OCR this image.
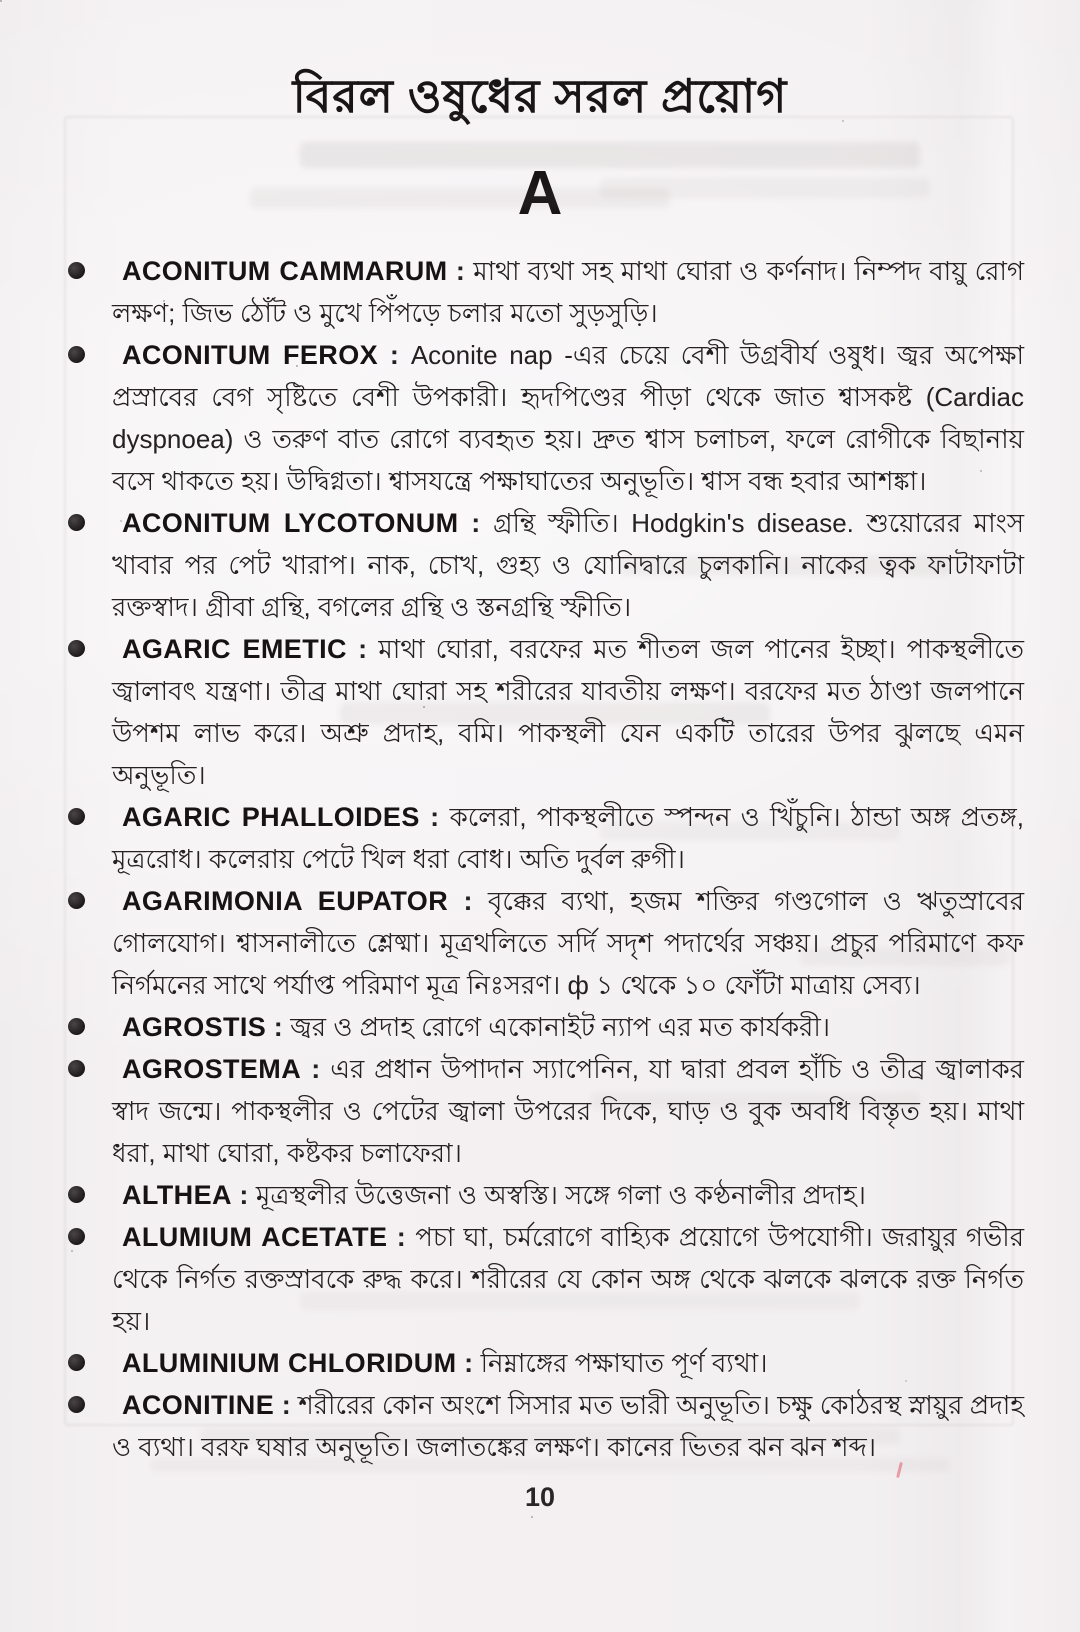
বিরল ওষুধের সরল প্রয়োগ
A
ACONITUM CAMMARUM : মাথা ব্যথা সহ মাথা ঘোরা ও কর্ণনাদ। নিম্পদ বায়ু রোগ লক্ষণ; জিভ ঠোঁট ও মুখে পিঁপড়ে চলার মতো সুড়সুড়ি।
ACONITUM FEROX : Aconite nap -এর চেয়ে বেশী উগ্রবীর্য ওষুধ। জ্বর অপেক্ষা প্রস্রাবের বেগ সৃষ্টিতে বেশী উপকারী। হৃদপিণ্ডের পীড়া থেকে জাত শ্বাসকষ্ট (Cardiac dyspnoea) ও তরুণ বাত রোগে ব্যবহৃত হয়। দ্রুত শ্বাস চলাচল, ফলে রোগীকে বিছানায় বসে থাকতে হয়। উদ্বিগ্নতা। শ্বাসযন্ত্রে পক্ষাঘাতের অনুভূতি। শ্বাস বন্ধ হবার আশঙ্কা।
ACONITUM LYCOTONUM : গ্রন্থি স্ফীতি। Hodgkin's disease. শুয়োরের মাংস খাবার পর পেট খারাপ। নাক, চোখ, গুহ্য ও যোনিদ্বারে চুলকানি। নাকের ত্বক ফাটাফাটা রক্তস্বাদ। গ্রীবা গ্রন্থি, বগলের গ্রন্থি ও স্তনগ্রন্থি স্ফীতি।
AGARIC EMETIC : মাথা ঘোরা, বরফের মত শীতল জল পানের ইচ্ছা। পাকস্থলীতে জ্বালাবৎ যন্ত্রণা। তীব্র মাথা ঘোরা সহ শরীরের যাবতীয় লক্ষণ। বরফের মত ঠাণ্ডা জলপানে উপশম লাভ করে। অশ্রু প্রদাহ, বমি। পাকস্থলী যেন একটি তারের উপর ঝুলছে এমন অনুভূতি।
AGARIC PHALLOIDES : কলেরা, পাকস্থলীতে স্পন্দন ও খিঁচুনি। ঠান্ডা অঙ্গ প্রতঙ্গ, মূত্ররোধ। কলেরায় পেটে খিল ধরা বোধ। অতি দুর্বল রুগী।
AGARIMONIA EUPATOR : বৃক্কের ব্যথা, হজম শক্তির গণ্ডগোল ও ঋতুস্রাবের গোলযোগ। শ্বাসনালীতে শ্লেষ্মা। মূত্রথলিতে সর্দি সদৃশ পদার্থের সঞ্চয়। প্রচুর পরিমাণে কফ নির্গমনের সাথে পর্যাপ্ত পরিমাণ মূত্র নিঃসরণ। ф ১ থেকে ১০ ফোঁটা মাত্রায় সেব্য।
AGROSTIS : জ্বর ও প্রদাহ রোগে একোনাইট ন্যাপ এর মত কার্যকরী।
AGROSTEMA : এর প্রধান উপাদান স্যাপেনিন, যা দ্বারা প্রবল হাঁচি ও তীব্র জ্বালাকর স্বাদ জন্মে। পাকস্থলীর ও পেটের জ্বালা উপরের দিকে, ঘাড় ও বুক অবধি বিস্তৃত হয়। মাথা ধরা, মাথা ঘোরা, কষ্টকর চলাফেরা।
ALTHEA : মূত্রস্থলীর উত্তেজনা ও অস্বস্তি। সঙ্গে গলা ও কণ্ঠনালীর প্রদাহ।
ALUMIUM ACETATE : পচা ঘা, চর্মরোগে বাহ্যিক প্রয়োগে উপযোগী। জরায়ুর গভীর থেকে নির্গত রক্তস্রাবকে রুদ্ধ করে। শরীরের যে কোন অঙ্গ থেকে ঝলকে ঝলকে রক্ত নির্গত হয়।
ALUMINIUM CHLORIDUM : নিম্নাঙ্গের পক্ষাঘাত পূর্ণ ব্যথা।
ACONITINE : শরীরের কোন অংশে সিসার মত ভারী অনুভূতি। চক্ষু কোঠরস্থ স্নায়ুর প্রদাহ ও ব্যথা। বরফ ঘষার অনুভূতি। জলাতঙ্কের লক্ষণ। কানের ভিতর ঝন ঝন শব্দ।
10
